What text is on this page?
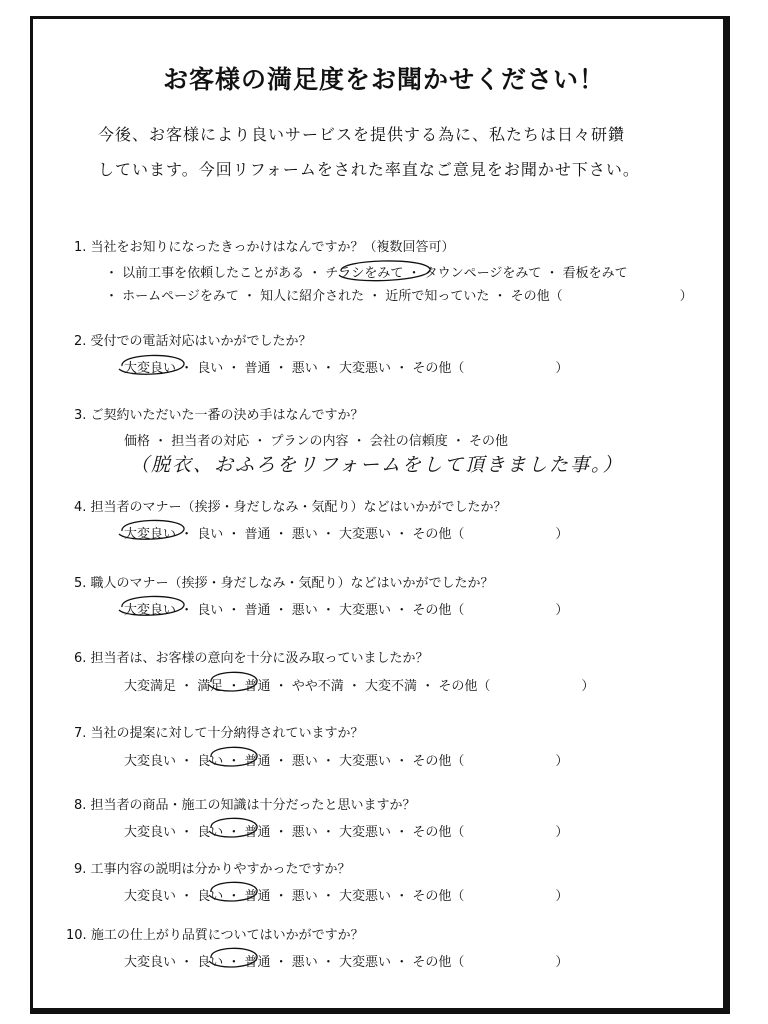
お客様の満足度をお聞かせください！
今後、お客様により良いサービスを提供する為に、私たちは日々研鑽
しています。今回リフォームをされた率直なご意見をお聞かせ下さい。
1. 当社をお知りになったきっかけはなんですか？（複数回答可）
・ 以前工事を依頼したことがある ・ チラシをみて ・ タウンページをみて ・ 看板をみて
・ ホームページをみて ・ 知人に紹介された ・ 近所で知っていた ・ その他（　　　　　　　　　）
2. 受付での電話対応はいかがでしたか？
大変良い ・ 良い ・ 普通 ・ 悪い ・ 大変悪い ・ その他（　　　　　　　）
3. ご契約いただいた一番の決め手はなんですか？
価格 ・ 担当者の対応 ・ プランの内容 ・ 会社の信頼度 ・ その他
（脱衣、おふろをリフォームをして頂きました事。）
4. 担当者のマナー（挨拶・身だしなみ・気配り）などはいかがでしたか？
大変良い ・ 良い ・ 普通 ・ 悪い ・ 大変悪い ・ その他（　　　　　　　）
5. 職人のマナー（挨拶・身だしなみ・気配り）などはいかがでしたか？
大変良い ・ 良い ・ 普通 ・ 悪い ・ 大変悪い ・ その他（　　　　　　　）
6. 担当者は、お客様の意向を十分に汲み取っていましたか？
大変満足 ・ 満足 ・ 普通 ・ やや不満 ・ 大変不満 ・ その他（　　　　　　　）
7. 当社の提案に対して十分納得されていますか？
大変良い ・ 良い ・ 普通 ・ 悪い ・ 大変悪い ・ その他（　　　　　　　）
8. 担当者の商品・施工の知識は十分だったと思いますか？
大変良い ・ 良い ・ 普通 ・ 悪い ・ 大変悪い ・ その他（　　　　　　　）
9. 工事内容の説明は分かりやすかったですか？
大変良い ・ 良い ・ 普通 ・ 悪い ・ 大変悪い ・ その他（　　　　　　　）
10. 施工の仕上がり品質についてはいかがですか？
大変良い ・ 良い ・ 普通 ・ 悪い ・ 大変悪い ・ その他（　　　　　　　）
